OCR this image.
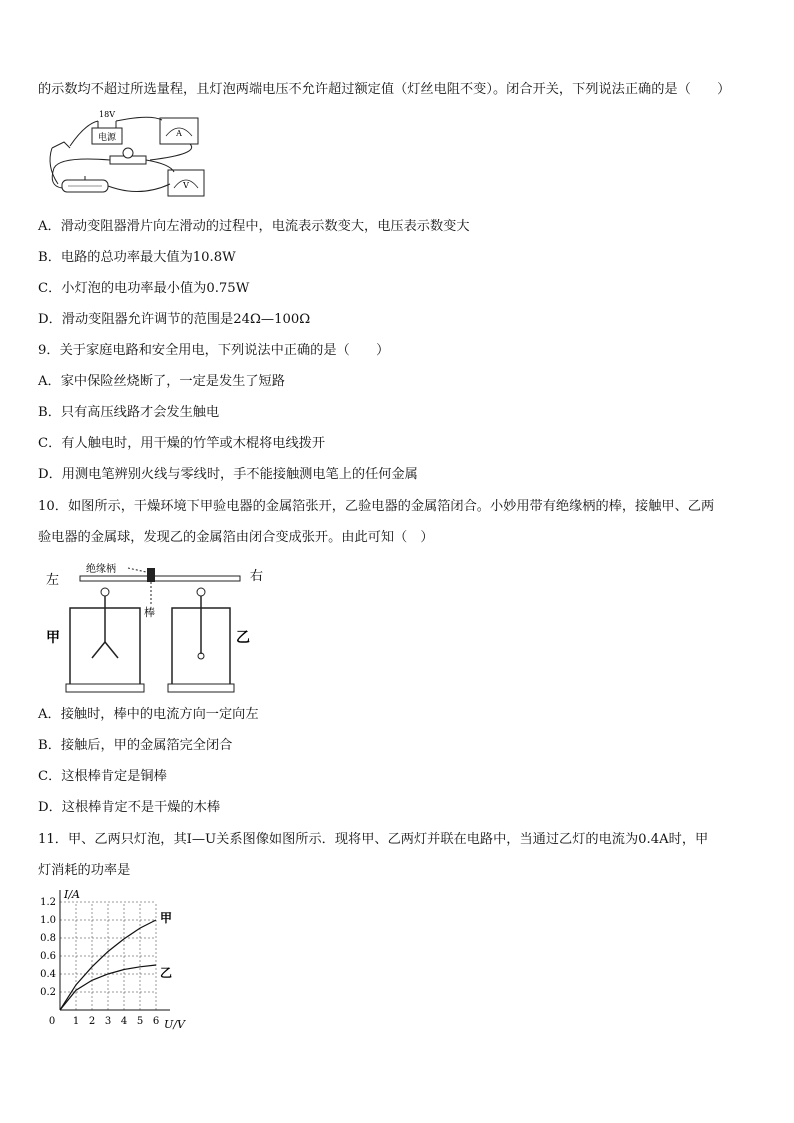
的示数均不超过所选量程，且灯泡两端电压不允许超过额定值（灯丝电阻不变）。闭合开关，下列说法正确的是（　　）
电源
18V
A
V
A．滑动变阻器滑片向左滑动的过程中，电流表示数变大，电压表示数变大
B．电路的总功率最大值为10.8W
C．小灯泡的电功率最小值为0.75W
D．滑动变阻器允许调节的范围是24Ω—100Ω
9．关于家庭电路和安全用电，下列说法中正确的是（　　）
A．家中保险丝烧断了，一定是发生了短路
B．只有高压线路才会发生触电
C．有人触电时，用干燥的竹竿或木棍将电线拨开
D．用测电笔辨别火线与零线时，手不能接触测电笔上的任何金属
10．如图所示，干燥环境下甲验电器的金属箔张开，乙验电器的金属箔闭合。小妙用带有绝缘柄的棒，接触甲、乙两
验电器的金属球，发现乙的金属箔由闭合变成张开。由此可知（　）
左	右
绝缘柄
棒
甲	乙
A．接触时，棒中的电流方向一定向左
B．接触后，甲的金属箔完全闭合
C．这根棒肯定是铜棒
D．这根棒肯定不是干燥的木棒
11．甲、乙两只灯泡，其I—U关系图像如图所示．现将甲、乙两灯并联在电路中，当通过乙灯的电流为0.4A时，甲
灯消耗的功率是
0 1 2 3 4 5 6
0.2
0.4
0.6
0.8
1.0
1.2
U/V
I/A
甲
乙
